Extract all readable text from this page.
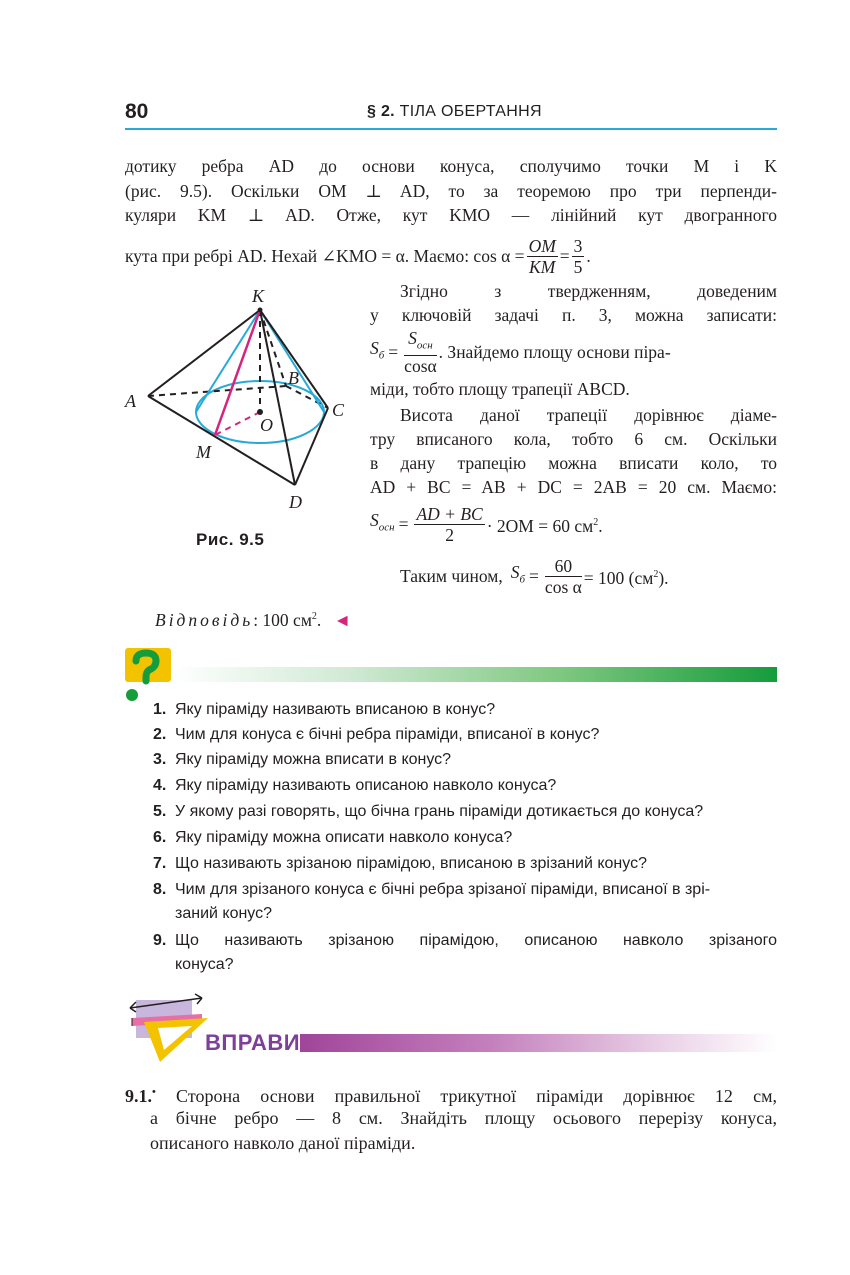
80	§ 2. ТІЛА ОБЕРТАННЯ
дотику ребра AD до основи конуса, сполучимо точки M і K
(рис. 9.5). Оскільки OM ⊥ AD, то за теоремою про три перпенди-
куляри KM ⊥ AD. Отже, кут KMO — лінійний кут двогранного
кута при ребрі AD. Нехай ∠KMO = α. Маємо: $\cos \alpha = \frac{OM}{KM} = \frac{3}{5}$ .
K
A
B
C
O
M
D
Рис. 9.5
Згідно з твердженням, доведеним
у ключовій задачі п. 3, можна записати:
$S_б = \frac{S_{осн}}{\cos\alpha}$ . Знайдемо площу основи піра-
міди, тобто площу трапеції ABCD.
Висота даної трапеції дорівнює діаме-
тру вписаного кола, тобто 6 см. Оскільки
в дану трапецію можна вписати коло, то
AD + BC = AB + DC = 2AB = 20 см. Маємо:
$S_{осн} = \frac{AD + BC}{2} \cdot 2OM = 60$ $см^2$.
Таким чином, $S_б = \frac{60}{\text{cos α}} = 100$ $(см^2)$.
Відповідь: 100 $см^2$. ◄
1. Яку піраміду називають вписаною в конус?
2. Чим для конуса є бічні ребра піраміди, вписаної в конус?
3. Яку піраміду можна вписати в конус?
4. Яку піраміду називають описаною навколо конуса?
5. У якому разі говорять, що бічна грань піраміди дотикається до конуса?
6. Яку піраміду можна описати навколо конуса?
7. Що називають зрізаною пірамідою, вписаною в зрізаний конус?
8. Чим для зрізаного конуса є бічні ребра зрізаної піраміди, вписаної в зрі-
заний конус?
9. Що називають зрізаною пірамідою, описаною навколо зрізаного
конуса?
ВПРАВИ
9.1.• Сторона основи правильної трикутної піраміди дорівнює 12 см,
а бічне ребро — 8 см. Знайдіть площу осьового перерізу конуса,
описаного навколо даної піраміди.
